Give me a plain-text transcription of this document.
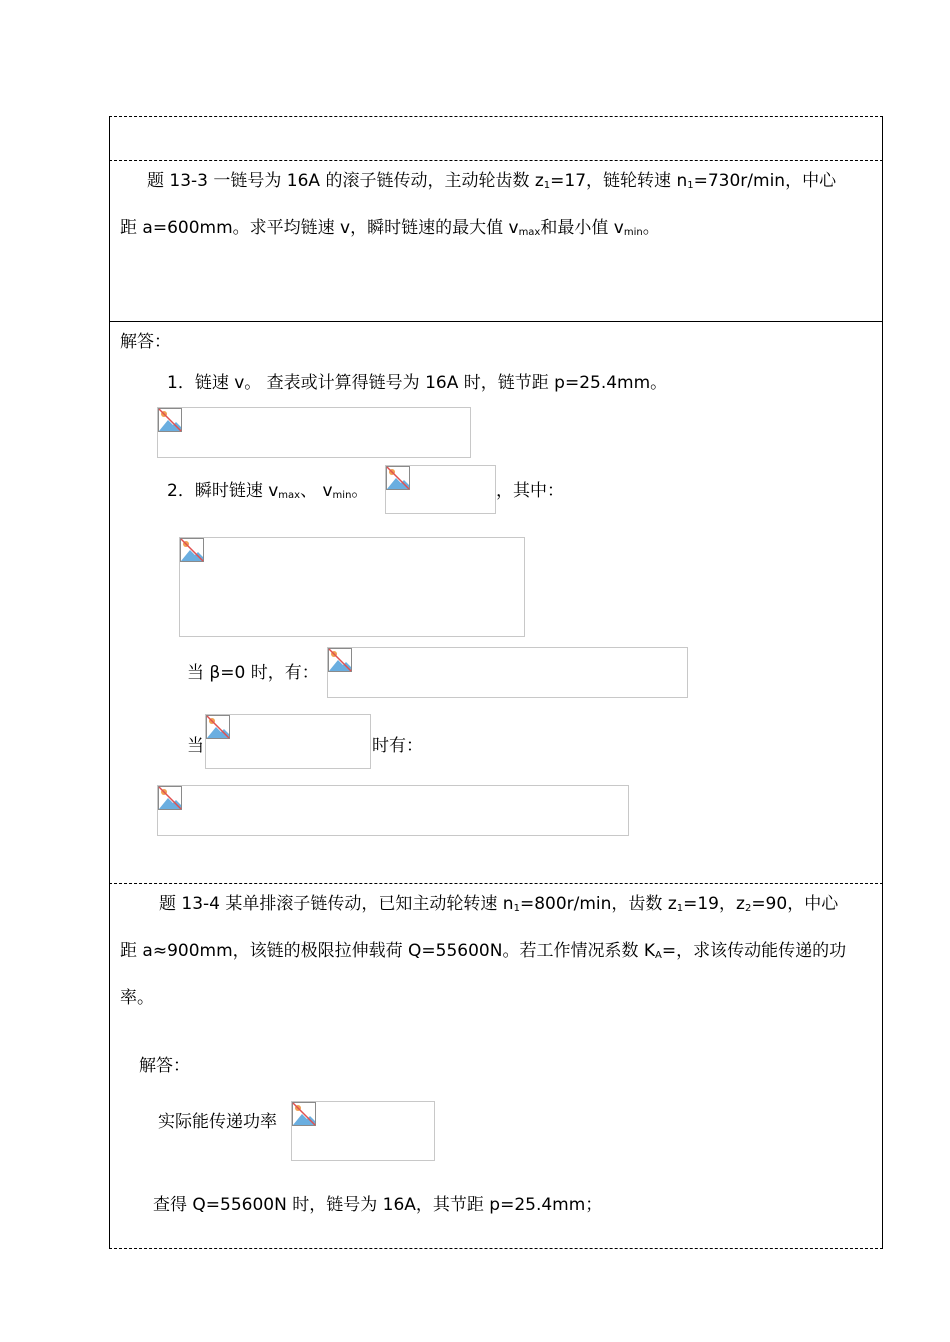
题 13-3 一链号为 16A 的滚子链传动，主动轮齿数 $z_1=17$，链轮转速 $n_1=730r/\min$，中心
距 a=600mm。求平均链速 v，瞬时链速的最大值 $v_{max}$和最小值 $v_{min}$。
解答：
1．链速 v。 查表或计算得链号为 16A 时，链节距 p=25.4mm。
2．瞬时链速 $v_{max}$、 $v_{min}$。	，其中：
当 β=0 时，有：
当	时有：
题 13-4 某单排滚子链传动，已知主动轮转速 $n_1=800r/\min$，齿数 $z_1=19$，$z_2=90$，中心
距 a≈900mm，该链的极限拉伸载荷 Q=55600N。若工作情况系数 $K_A=$，求该传动能传递的功
率。
解答：
实际能传递功率
查得 Q=55600N 时，链号为 16A，其节距 p=25.4mm；
